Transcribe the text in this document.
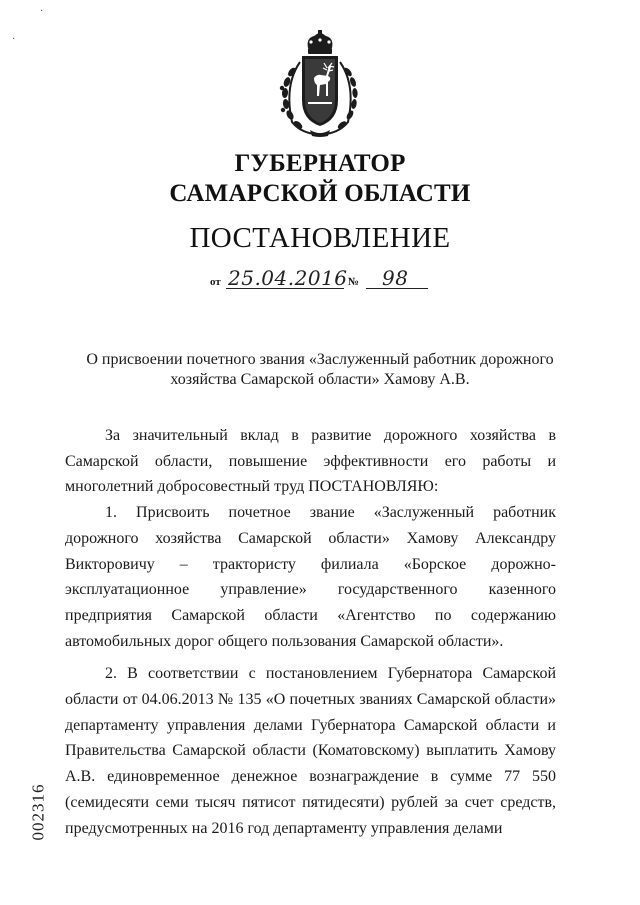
·
·
ГУБЕРНАТОР
САМАРСКОЙ ОБЛАСТИ
ПОСТАНОВЛЕНИЕ
от 25.04.2016 № 98
О присвоении почетного звания «Заслуженный работник дорожного хозяйства Самарской области» Хамову А.В.

За значительный вклад в развитие дорожного хозяйства в Самарской области, повышение эффективности его работы и многолетний добросовестный труд ПОСТАНОВЛЯЮ:

1. Присвоить почетное звание «Заслуженный работник дорожного хозяйства Самарской области» Хамову Александру Викторовичу – трактористу филиала «Борское дорожно-эксплуатационное управление» государственного казенного предприятия Самарской области «Агентство по содержанию автомобильных дорог общего пользования Самарской области».

2. В соответствии с постановлением Губернатора Самарской области от 04.06.2013 № 135 «О почетных званиях Самарской области» департаменту управления делами Губернатора Самарской области и Правительства Самарской области (Коматовскому) выплатить Хамову А.В. единовременное денежное вознаграждение в сумме 77 550 (семидесяти семи тысяч пятисот пятидесяти) рублей за счет средств, предусмотренных на 2016 год департаменту управления делами

002316
